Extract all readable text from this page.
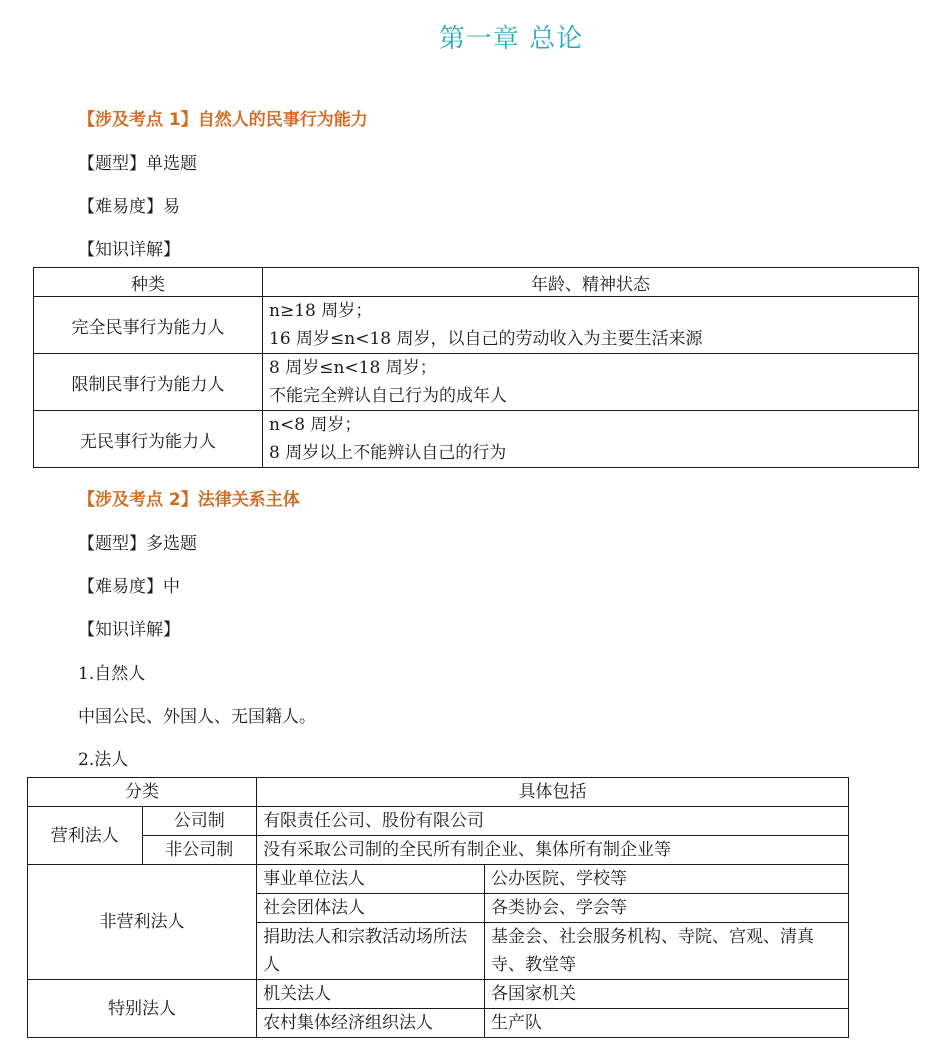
第一章 总论
【涉及考点 1】自然人的民事行为能力
【题型】单选题
【难易度】易
【知识详解】
种类	年龄、精神状态
完全民事行为能力人	n≥18 周岁；
16 周岁≤n<18 周岁，以自己的劳动收入为主要生活来源

限制民事行为能力人	8 周岁≤n<18 周岁；
不能完全辨认自己行为的成年人

无民事行为能力人	n<8 周岁；
8 周岁以上不能辨认自己的行为
【涉及考点 2】法律关系主体
【题型】多选题
【难易度】中
【知识详解】
1.自然人
中国公民、外国人、无国籍人。
2.法人
分类		具体包括	
营利法人	公司制	有限责任公司、股份有限公司	
	非公司制	没有采取公司制的全民所有制企业、集体所有制企业等	
非营利法人		事业单位法人	公办医院、学校等
		社会团体法人	各类协会、学会等
		捐助法人和宗教活动场所法人	基金会、社会服务机构、寺院、宫观、清真寺、教堂等
特别法人		机关法人	各国家机关
		农村集体经济组织法人	生产队
